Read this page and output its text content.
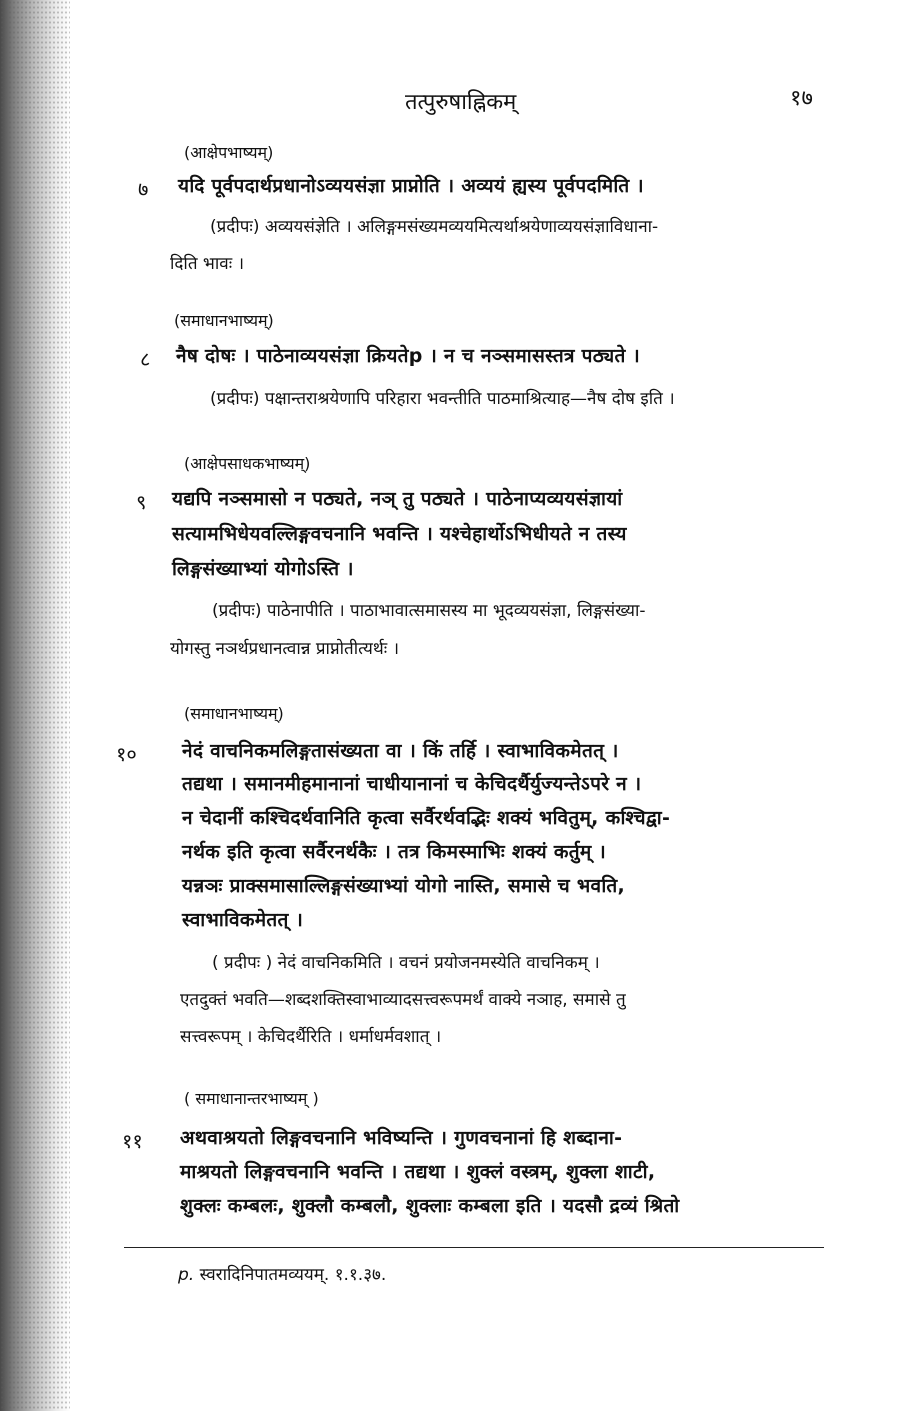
तत्पुरुषाह्निकम्	१७
(आक्षेपभाष्यम्)
७ यदि पूर्वपदार्थप्रधानोऽव्ययसंज्ञा प्राप्नोति । अव्ययं ह्यस्य पूर्वपदमिति ।
(प्रदीपः) अव्ययसंज्ञेति । अलिङ्गमसंख्यमव्ययमित्यर्थाश्रयेणाव्ययसंज्ञाविधाना-
दिति भावः ।
(समाधानभाष्यम्)
८ नैष दोषः । पाठेनाव्ययसंज्ञा क्रियतेp । न च नञ्समासस्तत्र पठ्यते ।
(प्रदीपः) पक्षान्तराश्रयेणापि परिहारा भवन्तीति पाठमाश्रित्याह—नैष दोष इति ।
(आक्षेपसाधकभाष्यम्)
९ यद्यपि नञ्समासो न पठ्यते, नञ् तु पठ्यते । पाठेनाप्यव्ययसंज्ञायां
सत्यामभिधेयवल्लिङ्गवचनानि भवन्ति । यश्चेहार्थोऽभिधीयते न तस्य
लिङ्गसंख्याभ्यां योगोऽस्ति ।
(प्रदीपः) पाठेनापीति । पाठाभावात्समासस्य मा भूदव्ययसंज्ञा, लिङ्गसंख्या-
योगस्तु नञर्थप्रधानत्वान्न प्राप्नोतीत्यर्थः ।
(समाधानभाष्यम्)
१० नेदं वाचनिकमलिङ्गतासंख्यता वा । किं तर्हि । स्वाभाविकमेतत् ।
तद्यथा । समानमीहमानानां चाधीयानानां च केचिदर्थैर्युज्यन्तेऽपरे न ।
न चेदानीं कश्चिदर्थवानिति कृत्वा सर्वैरर्थवद्भिः शक्यं भवितुम्, कश्चिद्वा-
नर्थक इति कृत्वा सर्वैरनर्थकैः । तत्र किमस्माभिः शक्यं कर्तुम् ।
यन्नञः प्राक्समासाल्लिङ्गसंख्याभ्यां योगो नास्ति, समासे च भवति,
स्वाभाविकमेतत् ।
( प्रदीपः ) नेदं वाचनिकमिति । वचनं प्रयोजनमस्येति वाचनिकम् ।
एतदुक्तं भवति—शब्दशक्तिस्वाभाव्यादसत्त्वरूपमर्थं वाक्ये नञाह, समासे तु
सत्त्वरूपम् । केचिदर्थैरिति । धर्माधर्मवशात् ।
( समाधानान्तरभाष्यम् )
११ अथवाश्रयतो लिङ्गवचनानि भविष्यन्ति । गुणवचनानां हि शब्दाना-
माश्रयतो लिङ्गवचनानि भवन्ति । तद्यथा । शुक्लं वस्त्रम्, शुक्ला शाटी,
शुक्लः कम्बलः, शुक्लौ कम्बलौ, शुक्लाः कम्बला इति । यदसौ द्रव्यं श्रितो
p. स्वरादिनिपातमव्ययम्. १.१.३७.
